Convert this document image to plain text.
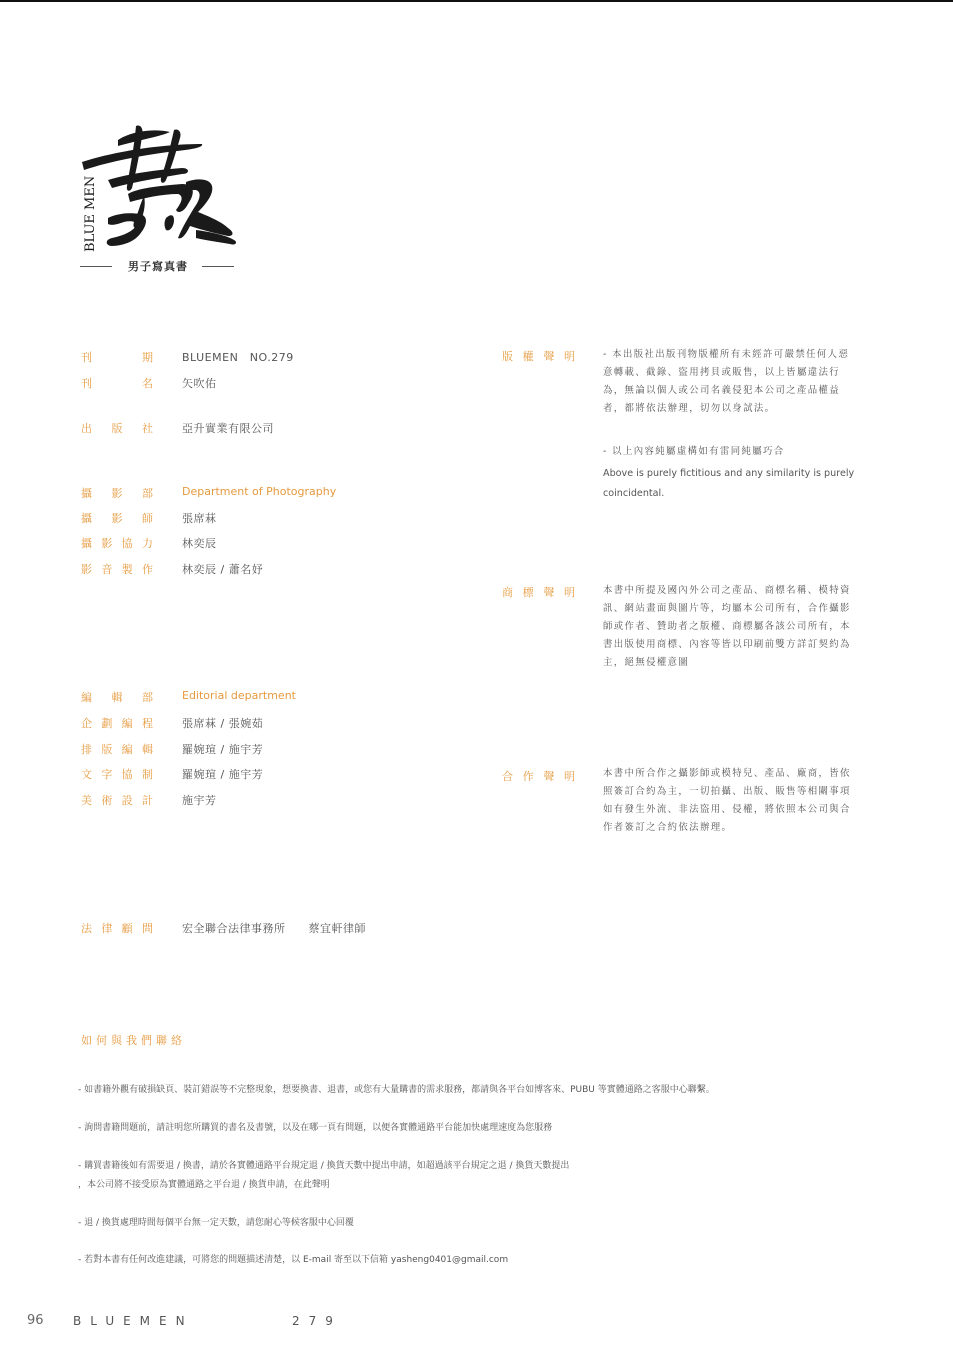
BLUE MEN
男子寫真書
刊	期	BLUEMEN　NO.279
刊	名	矢吹佑
出 版 社	亞升實業有限公司
攝 影 部	Department of Photography
攝 影 師	張席菻
攝 影 協 力	林奕辰
影 音 製 作	林奕辰 / 蕭名妤
編 輯 部	Editorial department
企 劃 編 程	張席菻 / 張婉茹
排 版 編 輯	羅婉瑄 / 施宇芳
文 字 協 制	羅婉瑄 / 施宇芳
美 術 設 計	施宇芳
法 律 顧 問	宏全聯合法律事務所　　蔡宜軒律師
版 權 聲 明	- 本出版社出版刊物版權所有未經許可嚴禁任何人惡意轉載、截錄、盜用拷貝或販售，以上皆屬違法行為，無論以個人或公司名義侵犯本公司之產品權益者，都將依法辦理，切勿以身試法。
- 以上內容純屬虛構如有雷同純屬巧合
Above is purely fictitious and any similarity is purely coincidental.
商 標 聲 明	本書中所提及國內外公司之產品、商標名稱、模特資訊、網站畫面與圖片等，均屬本公司所有，合作攝影師或作者、贊助者之版權、商標屬各該公司所有，本書出版使用商標、內容等皆以印刷前雙方詳訂契約為主，絕無侵權意圖
合 作 聲 明	本書中所合作之攝影師或模特兒、產品、廠商，皆依照簽訂合約為主，一切拍攝、出版、販售等相關事項如有發生外流、非法盜用、侵權，將依照本公司與合作者簽訂之合約依法辦理。
如何與我們聯絡
- 如書籍外觀有破損缺頁、裝訂錯誤等不完整現象，想要換書、退書，或您有大量購書的需求服務，都請與各平台如博客來、PUBU 等實體通路之客服中心聯繫。
- 詢問書籍問題前，請註明您所購買的書名及書號，以及在哪一頁有問題，以便各實體通路平台能加快處理速度為您服務
- 購買書籍後如有需要退 / 換書，請於各實體通路平台規定退 / 換貨天數中提出申請，如超過該平台規定之退 / 換貨天數提出
，本公司將不接受原為實體通路之平台退 / 換貨申請，在此聲明
- 退 / 換貨處理時間每個平台無一定天數，請您耐心等候客服中心回覆
- 若對本書有任何改進建議，可將您的問題描述清楚，以 E-mail 寄至以下信箱 yasheng0401@gmail.com
96 BLUEMEN	279
